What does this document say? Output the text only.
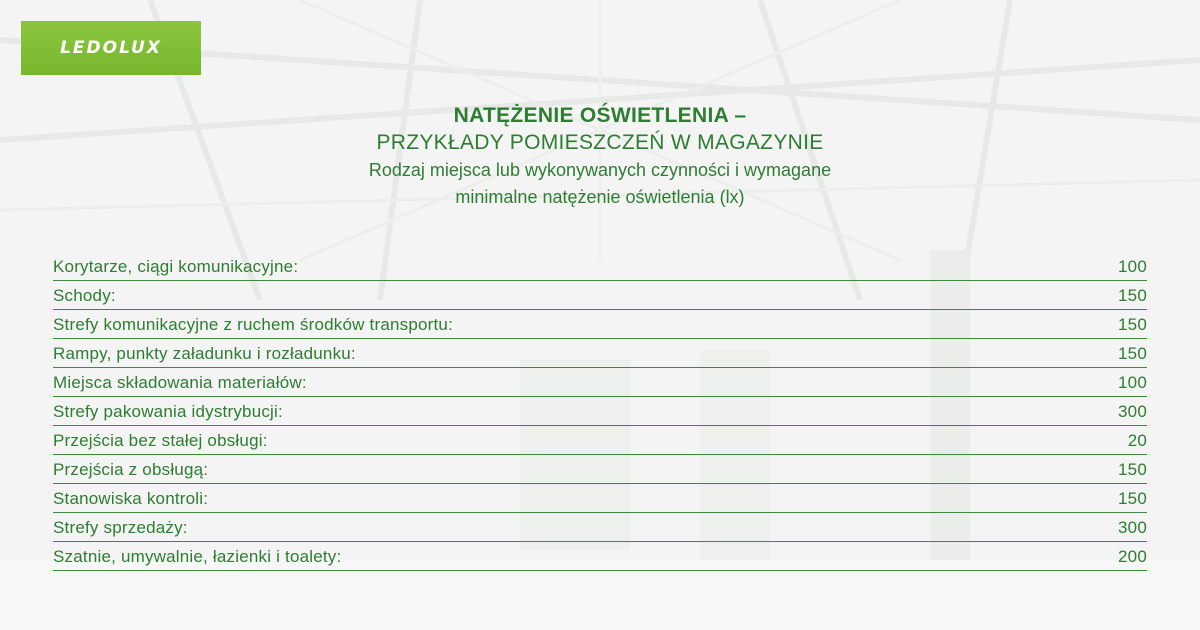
LEDOLUX
NATĘŻENIE OŚWIETLENIA –
PRZYKŁADY POMIESZCZEŃ W MAGAZYNIE
Rodzaj miejsca lub wykonywanych czynności i wymagane
minimalne natężenie oświetlenia (lx)
Korytarze, ciągi komunikacyjne:	100
Schody:	150
Strefy komunikacyjne z ruchem środków transportu:	150
Rampy, punkty załadunku i rozładunku:	150
Miejsca składowania materiałów:	100
Strefy pakowania idystrybucji:	300
Przejścia bez stałej obsługi:	20
Przejścia z obsługą:	150
Stanowiska kontroli:	150
Strefy sprzedaży:	300
Szatnie, umywalnie, łazienki i toalety:	200
